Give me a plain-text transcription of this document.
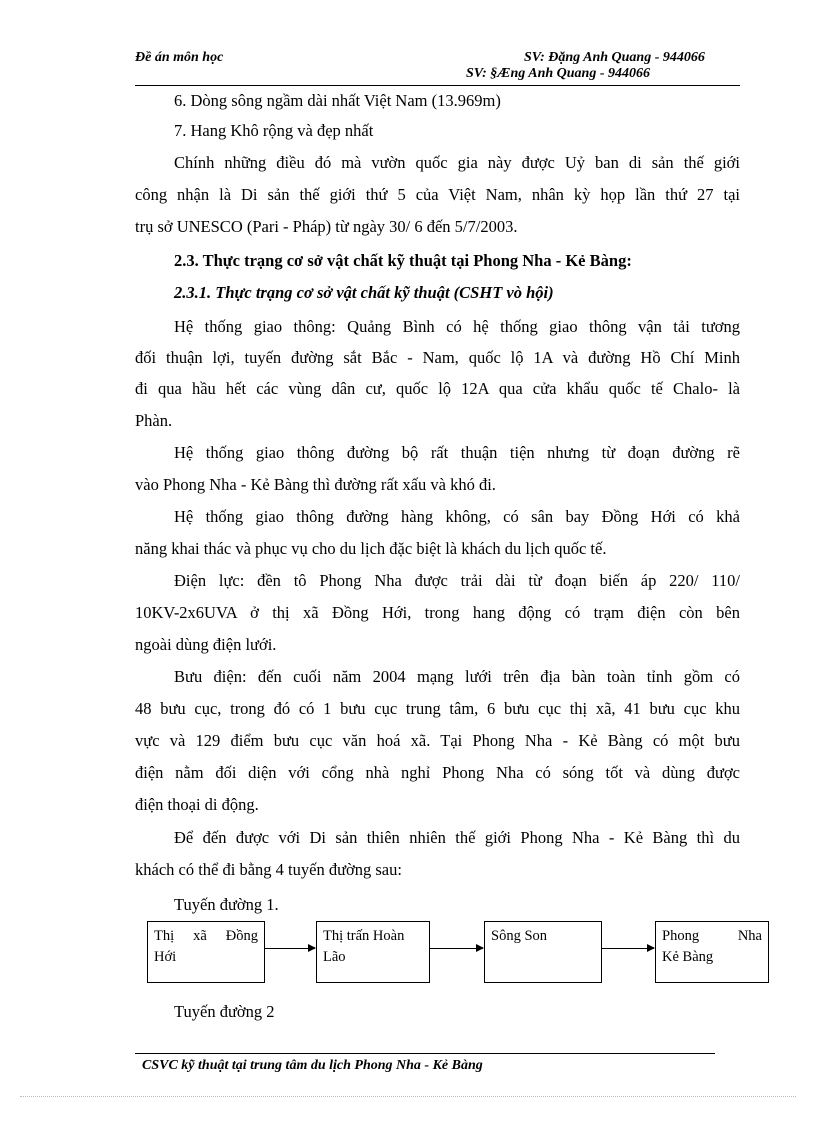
Đề án môn học	SV: Đặng Anh Quang - 944066
SV: §Æng Anh Quang - 944066
6. Dòng sông ngầm dài nhất Việt Nam (13.969m)
7. Hang Khô rộng và đẹp nhất
Chính những điều đó mà vườn quốc gia này được Uỷ ban di sản thế giới
công nhận là Di sản thế giới thứ 5 của Việt Nam, nhân kỳ họp lần thứ 27 tại
trụ sở UNESCO (Pari - Pháp) từ ngày 30/ 6 đến 5/7/2003.
2.3. Thực trạng cơ sở vật chất kỹ thuật tại Phong Nha - Kẻ Bàng:
2.3.1. Thực trạng cơ sở vật chất kỹ thuật (CSHT vò hội)
Hệ thống giao thông: Quảng Bình có hệ thống giao thông vận tải tương
đối thuận lợi, tuyến đường sắt Bắc - Nam, quốc lộ 1A và đường Hồ Chí Minh
đi qua hầu hết các vùng dân cư, quốc lộ 12A qua cửa khẩu quốc tế Chalo- là
Phàn.
Hệ thống giao thông đường bộ rất thuận tiện nhưng từ đoạn đường rẽ
vào Phong Nha - Kẻ Bàng thì đường rất xấu và khó đi.
Hệ thống giao thông đường hàng không, có sân bay Đồng Hới có khả
năng khai thác và phục vụ cho du lịch đặc biệt là khách du lịch quốc tế.
Điện lực: đền tô Phong Nha được trải dài từ đoạn biến áp 220/ 110/
10KV-2x6UVA ở thị xã Đồng Hới, trong hang động có trạm điện còn bên
ngoài dùng điện lưới.
Bưu điện: đến cuối năm 2004 mạng lưới trên địa bàn toàn tỉnh gồm có
48 bưu cục, trong đó có 1 bưu cục trung tâm, 6 bưu cục thị xã, 41 bưu cục khu
vực và 129 điểm bưu cục văn hoá xã. Tại Phong Nha - Kẻ Bàng có một bưu
điện nằm đối diện với cổng nhà nghỉ Phong Nha có sóng tốt và dùng được
điện thoại di động.
Để đến được với Di sản thiên nhiên thế giới Phong Nha - Kẻ Bàng thì du
khách có thể đi bằng 4 tuyến đường sau:
Tuyến đường 1.
Thị xã Đồng
Hới
Thị trấn Hoàn
Lão
Sông Son	Phong Nha
Kẻ Bàng
Tuyến đường 2
CSVC kỹ thuật tại trung tâm du lịch Phong Nha - Kẻ Bàng
